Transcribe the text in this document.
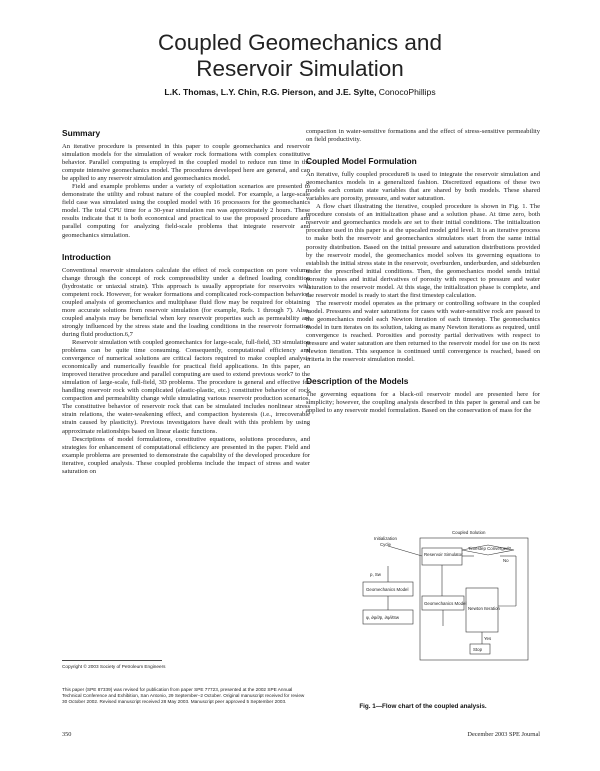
Coupled Geomechanics and
Reservoir Simulation
L.K. Thomas, L.Y. Chin, R.G. Pierson, and J.E. Sylte, ConocoPhillips
Summary

An iterative procedure is presented in this paper to couple geomechanics and reservoir simulation models for the simulation of weaker rock formations with complex constitutive behavior. Parallel computing is employed in the coupled model to reduce run time in the compute intensive geomechanics model. The procedures developed here are general, and can be applied to any reservoir simulation and geomechanics model.

Field and example problems under a variety of exploitation scenarios are presented to demonstrate the utility and robust nature of the coupled model. For example, a large-scale field case was simulated using the coupled model with 16 processors for the geomechanics model. The total CPU time for a 30-year simulation run was approximately 2 hours. These results indicate that it is both economical and practical to use the proposed procedure and parallel computing for analyzing field-scale problems that integrate reservoir and geomechanics simulation.

Introduction

Conventional reservoir simulators calculate the effect of rock compaction on pore volume change through the concept of rock compressibility under a defined loading condition (hydrostatic or uniaxial strain). This approach is usually appropriate for reservoirs with competent rock. However, for weaker formations and complicated rock-compaction behavior, coupled analysis of geomechanics and multiphase fluid flow may be required for obtaining more accurate solutions from reservoir simulation (for example, Refs. 1 through 7). Also, coupled analysis may be beneficial when key reservoir properties such as permeability are strongly influenced by the stress state and the loading conditions in the reservoir formation during fluid production.6,7

Reservoir simulation with coupled geomechanics for large-scale, full-field, 3D simulation problems can be quite time consuming. Consequently, computational efficiency and convergence of numerical solutions are critical factors required to make coupled analysis economically and numerically feasible for practical field applications. In this paper, an improved iterative procedure and parallel computing are used to extend previous work7 to the simulation of large-scale, full-field, 3D problems. The procedure is general and effective for handling reservoir rock with complicated (elastic-plastic, etc.) constitutive behavior of rock compaction and permeability change while simulating various reservoir production scenarios. The constitutive behavior of reservoir rock that can be simulated includes nonlinear stress strain relations, the water-weakening effect, and compaction hysteresis (i.e., irrecoverable strain caused by plasticity). Previous investigators have dealt with this problem by using approximate relationships based on linear elastic functions.

Descriptions of model formulations, constitutive equations, solutions procedures, and strategies for enhancement of computational efficiency are presented in the paper. Field and example problems are presented to demonstrate the capability of the developed procedure for iterative, coupled analysis. These coupled problems include the impact of stress and water saturation on

compaction in water-sensitive formations and the effect of stress-sensitive permeability on field productivity.

Coupled Model Formulation

An iterative, fully coupled procedure8 is used to integrate the reservoir simulation and geomechanics models in a generalized fashion. Discretized equations of these two models each contain state variables that are shared by both models. These shared variables are porosity, pressure, and water saturation.

A flow chart illustrating the iterative, coupled procedure is shown in Fig. 1. The procedure consists of an initialization phase and a solution phase. At time zero, both reservoir and geomechanics models are set to their initial conditions. The initialization procedure used in this paper is at the upscaled model grid level. It is an iterative process to make both the reservoir and geomechanics simulators start from the same initial porosity distribution. Based on the initial pressure and saturation distributions provided by the reservoir model, the geomechanics model solves its governing equations to establish the initial stress state in the reservoir, overburden, underburden, and sideburden under the prescribed initial conditions. Then, the geomechanics model sends initial porosity values and initial derivatives of porosity with respect to pressure and water saturation to the reservoir model. At this stage, the initialization phase is complete, and the reservoir model is ready to start the first timestep calculation.

The reservoir model operates as the primary or controlling software in the coupled model. Pressures and water saturations for cases with water-sensitive rock are passed to the geomechanics model each Newton iteration of each timestep. The geomechanics model in turn iterates on its solution, taking as many Newton iterations as required, until convergence is reached. Porosities and porosity partial derivatives with respect to pressure and water saturation are then returned to the reservoir model for use on its next Newton iteration. This sequence is continued until convergence is reached, based on criteria in the reservoir simulation model.

Description of the Models

The governing equations for a black-oil reservoir model are presented here for simplicity; however, the coupling analysis described in this paper is general and can be applied to any reservoir model formulation. Based on the conservation of mass for the

Coupled Solution
Initialization
Cycle
Reservoir Simulator
Timestep Converged?
No
Yes
p, Sw
Geomechanics Model
Geomechanics Model
φ, ∂φ/∂p, ∂φ/∂Sw
Newton Iteration
Stop
Fig. 1—Flow chart of the coupled analysis.
Copyright © 2003 Society of Petroleum Engineers
This paper (SPE 87339) was revised for publication from paper SPE 77723, presented at the 2002 SPE Annual Technical Conference and Exhibition, San Antonio, 29 September–2 October. Original manuscript received for review 30 October 2002. Revised manuscript received 28 May 2003. Manuscript peer approved 5 September 2003.
350	December 2003 SPE Journal
